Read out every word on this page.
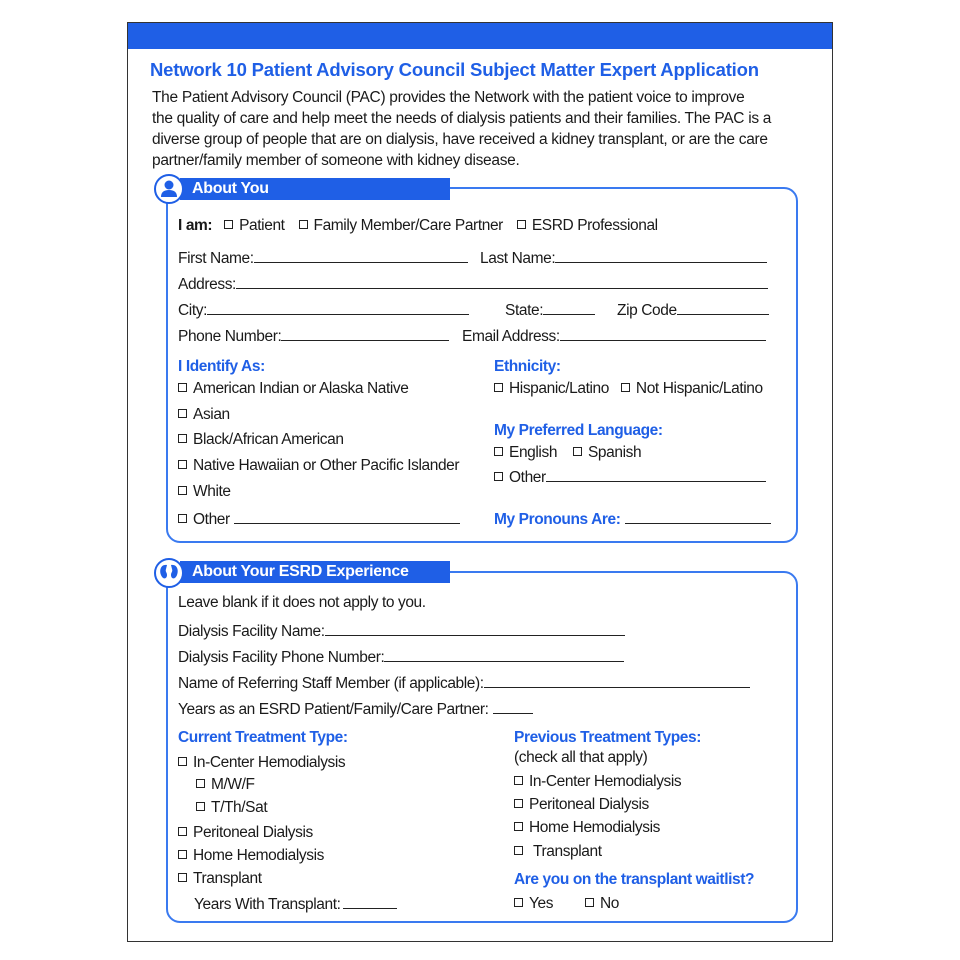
Network 10 Patient Advisory Council Subject Matter Expert Application
The Patient Advisory Council (PAC) provides the Network with the patient voice to improve
the quality of care and help meet the needs of dialysis patients and their families. The PAC is a
diverse group of people that are on dialysis, have received a kidney transplant, or are the care
partner/family member of someone with kidney disease.
About You
I am: Patient Family Member/Care Partner ESRD Professional
First Name:	Last Name:
Address:
City:	State:	Zip Code
Phone Number:	Email Address:
I Identify As:
American Indian or Alaska Native
Asian
Black/African American
Native Hawaiian or Other Pacific Islander
White
Other
Ethnicity:
Hispanic/Latino Not Hispanic/Latino
My Preferred Language:
English Spanish
Other
My Pronouns Are:
About Your ESRD Experience
Leave blank if it does not apply to you.
Dialysis Facility Name:
Dialysis Facility Phone Number:
Name of Referring Staff Member (if applicable):
Years as an ESRD Patient/Family/Care Partner:
Current Treatment Type:
In-Center Hemodialysis
M/W/F
T/Th/Sat
Peritoneal Dialysis
Home Hemodialysis
Transplant
Years With Transplant:
Previous Treatment Types:
(check all that apply)
In-Center Hemodialysis
Peritoneal Dialysis
Home Hemodialysis
Transplant
Are you on the transplant waitlist?
Yes	No
